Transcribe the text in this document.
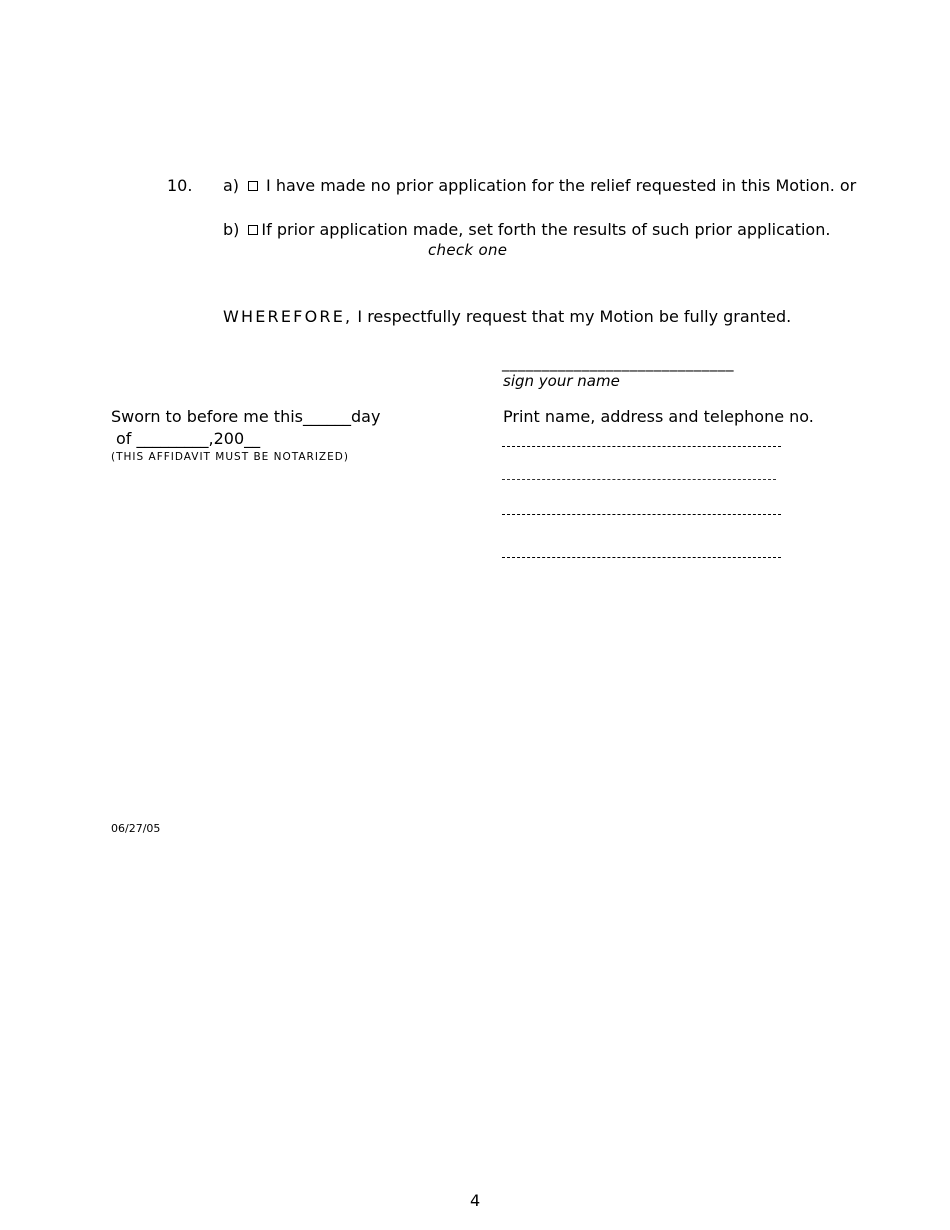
10. a) I have made no prior application for the relief requested in this Motion. or
b) If prior application made, set forth the results of such prior application.
check one
WHEREFORE, I respectfully request that my Motion be fully granted.
_____________________________
sign your name
Sworn to before me this______day
of _________,200__
(THIS AFFIDAVIT MUST BE NOTARIZED)
Print name, address and telephone no.
06/27/05
4
